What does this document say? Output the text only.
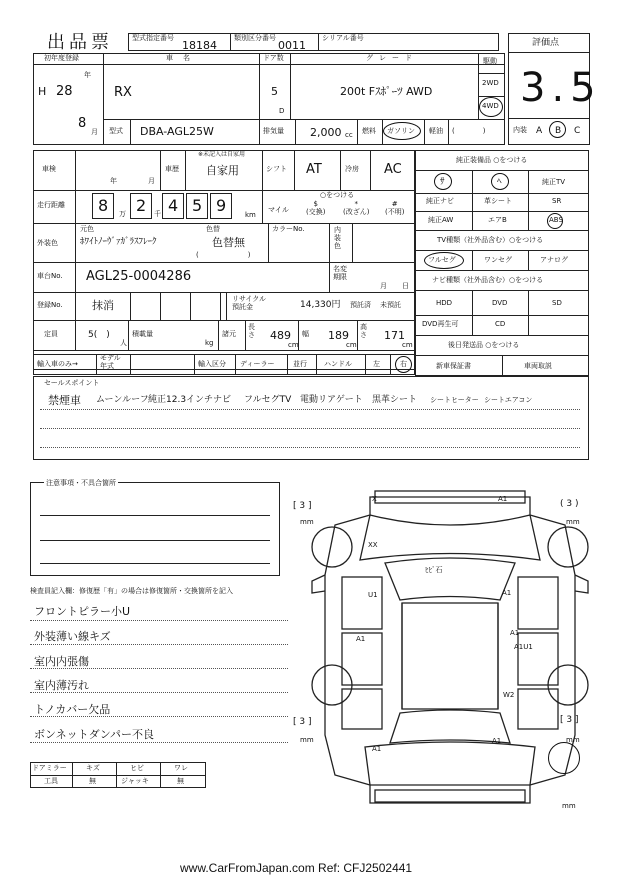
出品票	型式指定番号
18184
類別区分番号
0011
シリアル番号	評価点
3.5
初年度登録	車名	ドア数	グレード	駆動
2WD
4WD
H 28
年
8
月
RX	5
D
200t Fｽﾎﾟｰﾂ AWD
型式 DBA-AGL25W	排気量 2,000 cc 燃料 ガソリン 軽油 (　　　　)	内装 A B C
車検
年	月
車歴
※未記入は自家用
自家用	シフト AT	冷房 AC
走行距離 8 万 2 千 4 5 9	km
○をつける
マイル
$
(交換)
*
(改ざん)
#
(不明)
外装色
元色
ﾎﾜｲﾄﾉｰｳﾞｧｶﾞﾗｽﾌﾚｰｸ
色替
色替無
(　　　　　　　)
カラーNo.	内
装
色
車台No. AGL25-0004286	名変
期限
月 日
登録No.	抹消	リサイクル
預託金	14,330円 預託済 未預託
定員	5(　)
人
積載量
kg
諸元
長
さ 489
cm
幅 189
cm
高
さ 171
cm
輸入車のみ→
モデル
年式	輸入区分 ディーラー	並行 ハンドル	左	右
純正装備品 ○をつける
ｻ	ﾍ	純正TV
純正ナビ	革シート	SR
純正AW	エアB	ABS
TV種類（社外品含む）○をつける
フルセグ	ワンセグ	アナログ
ナビ種類（社外品含む）○をつける
HDD	DVD	SD
DVD再生可	CD
後日発送品 ○をつける
新車保証書	車両取説
セールスポイント
禁煙車 ムーンルーフ 純正12.3インチナビ フルセグTV 電動リアゲート 黒革シート シートヒーター シートエアコン
注意事項・不具合箇所
検査員記入欄：修復歴「有」の場合は修復箇所・交換箇所を記入
フロントピラー小U
外装薄い線キズ
室内内張傷
室内薄汚れ
トノカバー欠品
ボンネットダンパー不良
ドアミラー	キズ	ヒビ	ワレ
工具	無	ジャッキ	無
X	A1
XX
ﾋﾋﾞ石
U1	A1
A1
A1
A1U1
W2
A1
A1
[ 3 ]
mm
( 3 )
mm
[ 3 ]
mm
[ 3 ]
mm
mm
www.CarFromJapan.com Ref: CFJ2502441
